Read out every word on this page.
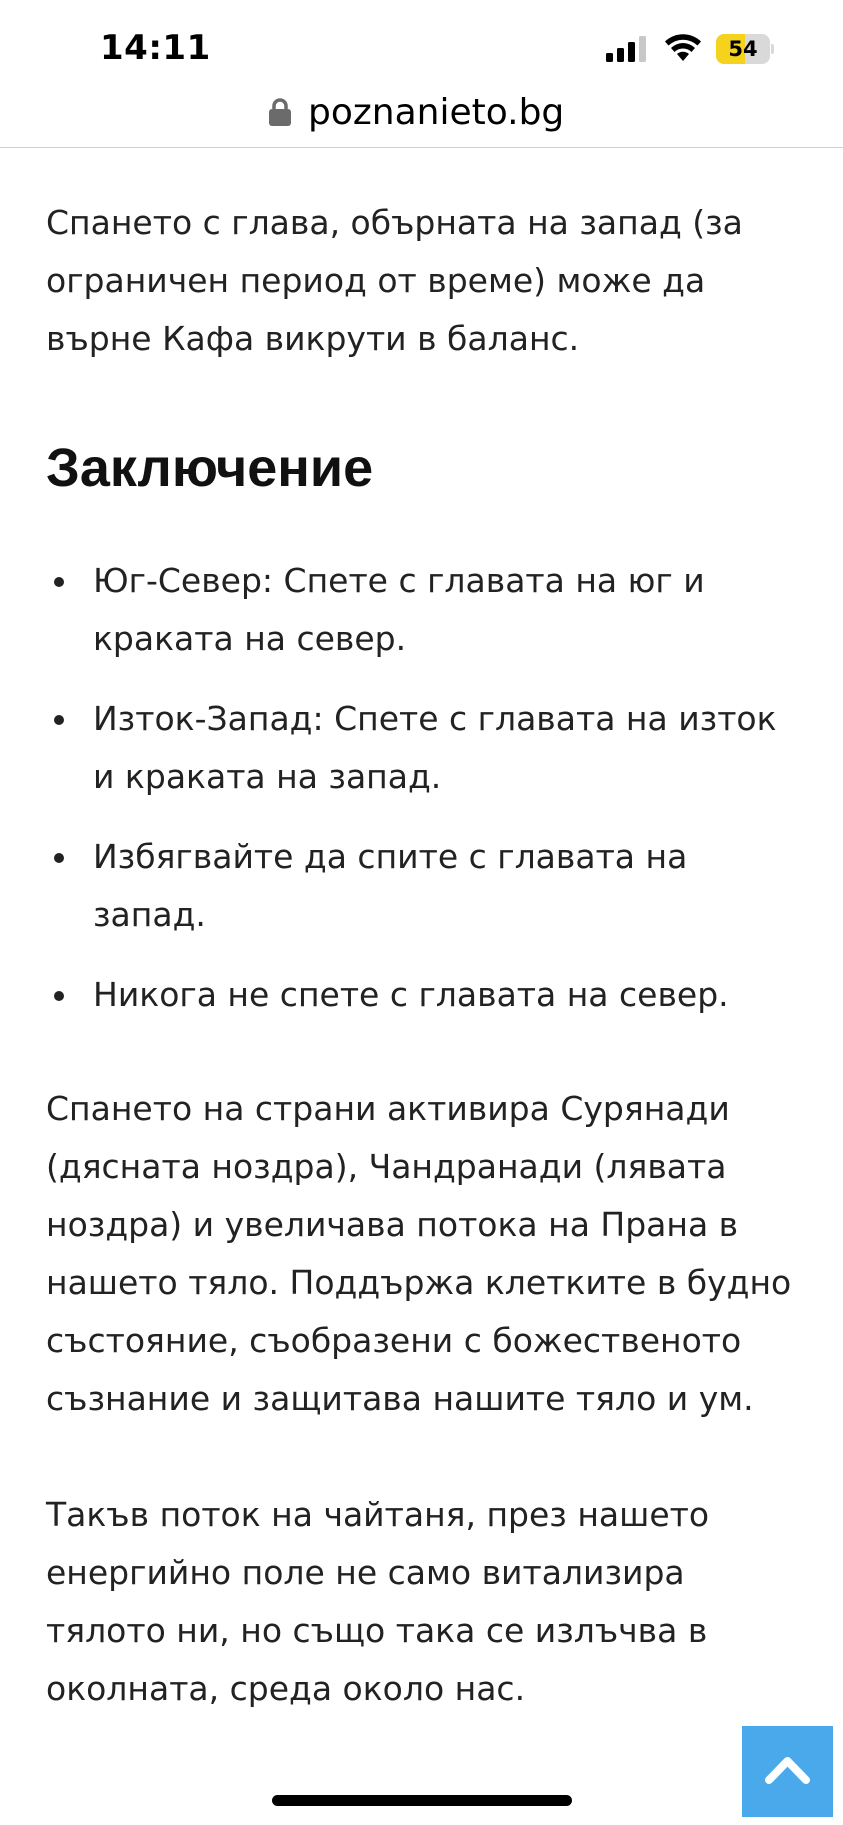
14:11	54
poznanieto.bg

Спането с глава, обърната на запад (за ограничен период от време) може да върне Кафа викрути в баланс.

Заключение
Юг-Север: Спете с главата на юг и краката на север.
Изток-Запад: Спете с главата на изток и краката на запад.
Избягвайте да спите с главата на запад.
Никога не спете с главата на север.

Спането на страни активира Сурянади (дясната ноздра), Чандранади (лявата ноздра) и увеличава потока на Прана в нашето тяло. Поддържа клетките в будно състояние, съобразени с божественото съзнание и защитава нашите тяло и ум.

Такъв поток на чайтаня, през нашето енергийно поле не само витализира тялото ни, но също така се излъчва в околната, среда около нас.
